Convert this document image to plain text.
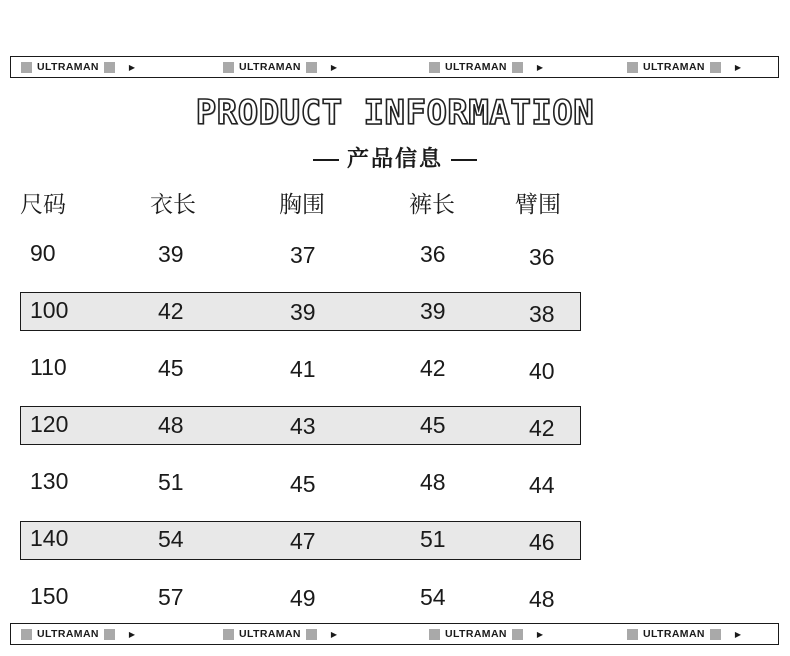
ULTRAMAN	▶	ULTRAMAN	▶	ULTRAMAN	▶	ULTRAMAN	▶
PRODUCT INFORMATION
产品信息
尺码	衣长	胸围	裤长	臂围
90	39	37	36	36
100	42	39	39	38
110	45	41	42	40
120	48	43	45	42
130	51	45	48	44
140	54	47	51	46
150	57	49	54	48
ULTRAMAN	▶	ULTRAMAN	▶	ULTRAMAN	▶	ULTRAMAN	▶
